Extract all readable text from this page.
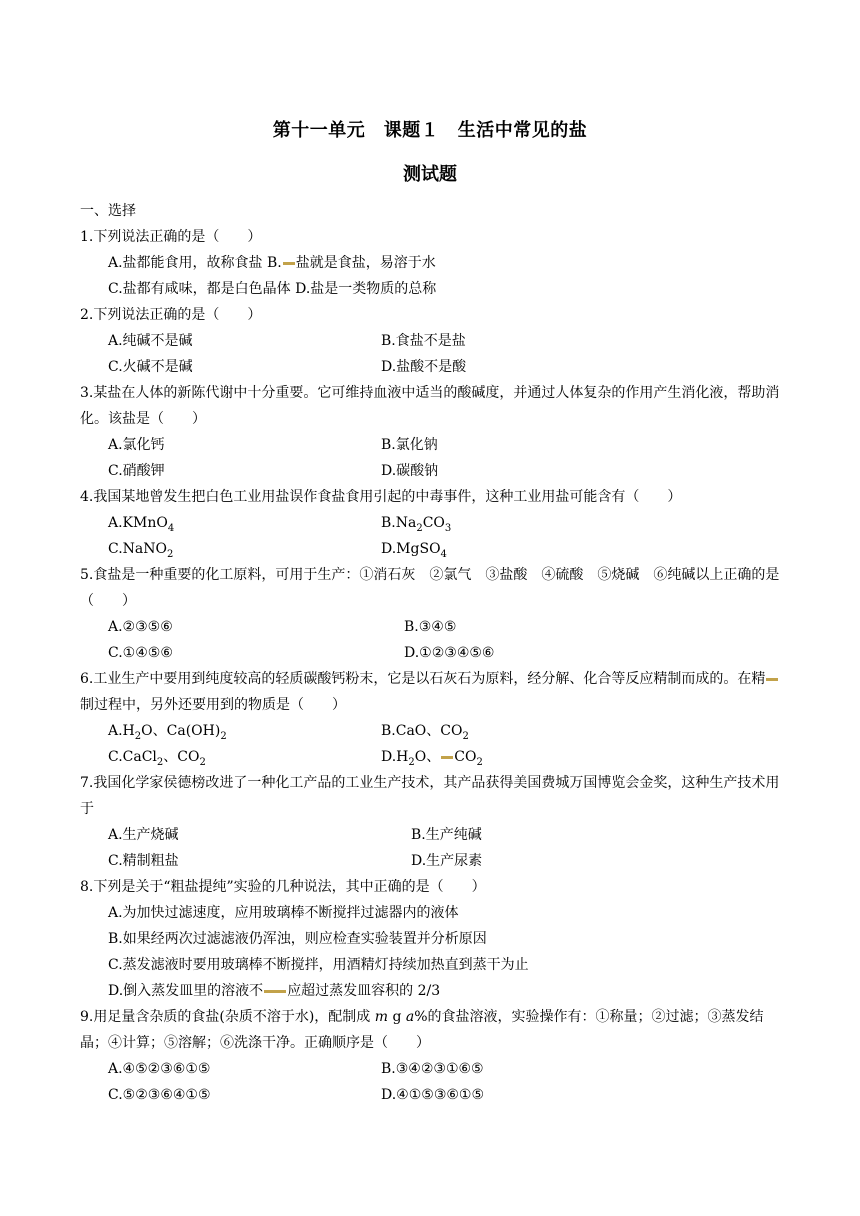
第十一单元　课题１　生活中常见的盐
测试题
一、选择
1.下列说法正确的是（　　）
A.盐都能食用，故称食盐 B. 盐就是食盐，易溶于水
C.盐都有咸味，都是白色晶体 D.盐是一类物质的总称
2.下列说法正确的是（　　）
A.纯碱不是碱	B.食盐不是盐
C.火碱不是碱	D.盐酸不是酸
3.某盐在人体的新陈代谢中十分重要。它可维持血液中适当的酸碱度，并通过人体复杂的作用产生消化液，帮助消化。该盐是（　　）
A.氯化钙	B.氯化钠
C.硝酸钾	D.碳酸钠
4.我国某地曾发生把白色工业用盐误作食盐食用引起的中毒事件，这种工业用盐可能含有（　　）
A.KMnO$_4$	$B.Na_2CO_3$
C.NaNO$_2$	D.MgSO$_4$
5.食盐是一种重要的化工原料，可用于生产：①消石灰　②氯气　③盐酸　④硫酸　⑤烧碱　⑥纯碱以上正确的是（　　）
A.②③⑤⑥	B.③④⑤
C.①④⑤⑥	D.①②③④⑤⑥
6.工业生产中要用到纯度较高的轻质碳酸钙粉末，它是以石灰石为原料，经分解、化合等反应精制而成的。在精制过程中，另外还要用到的物质是（　　）
$A.H_2O$、$Ca(OH)_2$	B.CaO、$CO_2$
C.CaCl$_2$、$CO_2$	$D.H_2O$、 $CO_2$
7.我国化学家侯德榜改进了一种化工产品的工业生产技术，其产品获得美国费城万国博览会金奖，这种生产技术用于
A.生产烧碱	B.生产纯碱
C.精制粗盐	D.生产尿素
8.下列是关于“粗盐提纯”实验的几种说法，其中正确的是（　　）
A.为加快过滤速度，应用玻璃棒不断搅拌过滤器内的液体
B.如果经两次过滤滤液仍浑浊，则应检查实验装置并分析原因
C.蒸发滤液时要用玻璃棒不断搅拌，用酒精灯持续加热直到蒸干为止
D.倒入蒸发皿里的溶液不 应超过蒸发皿容积的 2/3
9.用足量含杂质的食盐(杂质不溶于水)，配制成 m g a%的食盐溶液，实验操作有：①称量；②过滤；③蒸发结晶；④计算；⑤溶解；⑥洗涤干净。正确顺序是（　　）
A.④⑤②③⑥①⑤	B.③④②③①⑥⑤
C.⑤②③⑥④①⑤	D.④①⑤③⑥①⑤
